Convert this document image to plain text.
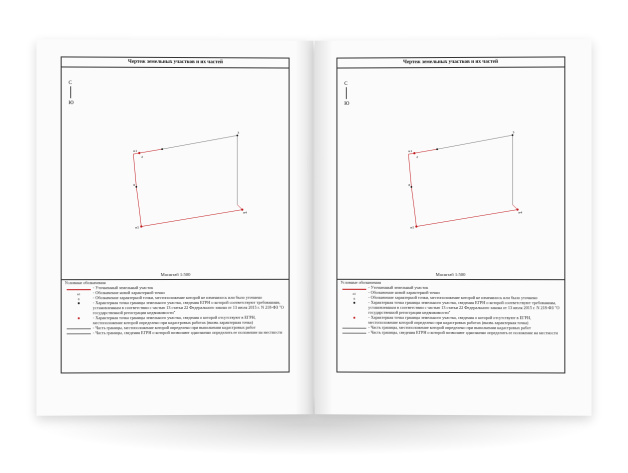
Чертеж земельных участков и их частей
С
Ю
н1
2
3
н4
6
н5
Масштаб 1:500
Условные обозначения
- Уточненный земельный участок
н1	- Обозначение новой характерной точки
6	- Обозначение характерной точки, местоположение которой не изменилось или было уточнено
- Характерная точка границы земельного участка, сведения ЕГРН о которой соответствуют требованиям, установленным в соответствии с частью 13 статьи 22 Федерального закона от 13 июля 2015 г. N 218-ФЗ "О государственной регистрации недвижимости"
- Характерная точка границы земельного участка, сведения о которой отсутствуют в ЕГРН, местоположение которой определено при кадастровых работах (вновь характерная точка)
- Часть границы, местоположение которой определено при выполнении кадастровых работ
- Часть границы, сведения ЕГРН о которой позволяют однозначно определить ее положение на местности
Чертеж земельных участков и их частей
С
Ю
н1
2
3
н4
6
н5
Масштаб 1:500
Условные обозначения
- Уточненный земельный участок
н1	- Обозначение новой характерной точки
6	- Обозначение характерной точки, местоположение которой не изменилось или было уточнено
- Характерная точка границы земельного участка, сведения ЕГРН о которой соответствуют требованиям, установленным в соответствии с частью 13 статьи 22 Федерального закона от 13 июля 2015 г. N 218-ФЗ "О государственной регистрации недвижимости"
- Характерная точка границы земельного участка, сведения о которой отсутствуют в ЕГРН, местоположение которой определено при кадастровых работах (вновь характерная точка)
- Часть границы, местоположение которой определено при выполнении кадастровых работ
- Часть границы, сведения ЕГРН о которой позволяют однозначно определить ее положение на местности
